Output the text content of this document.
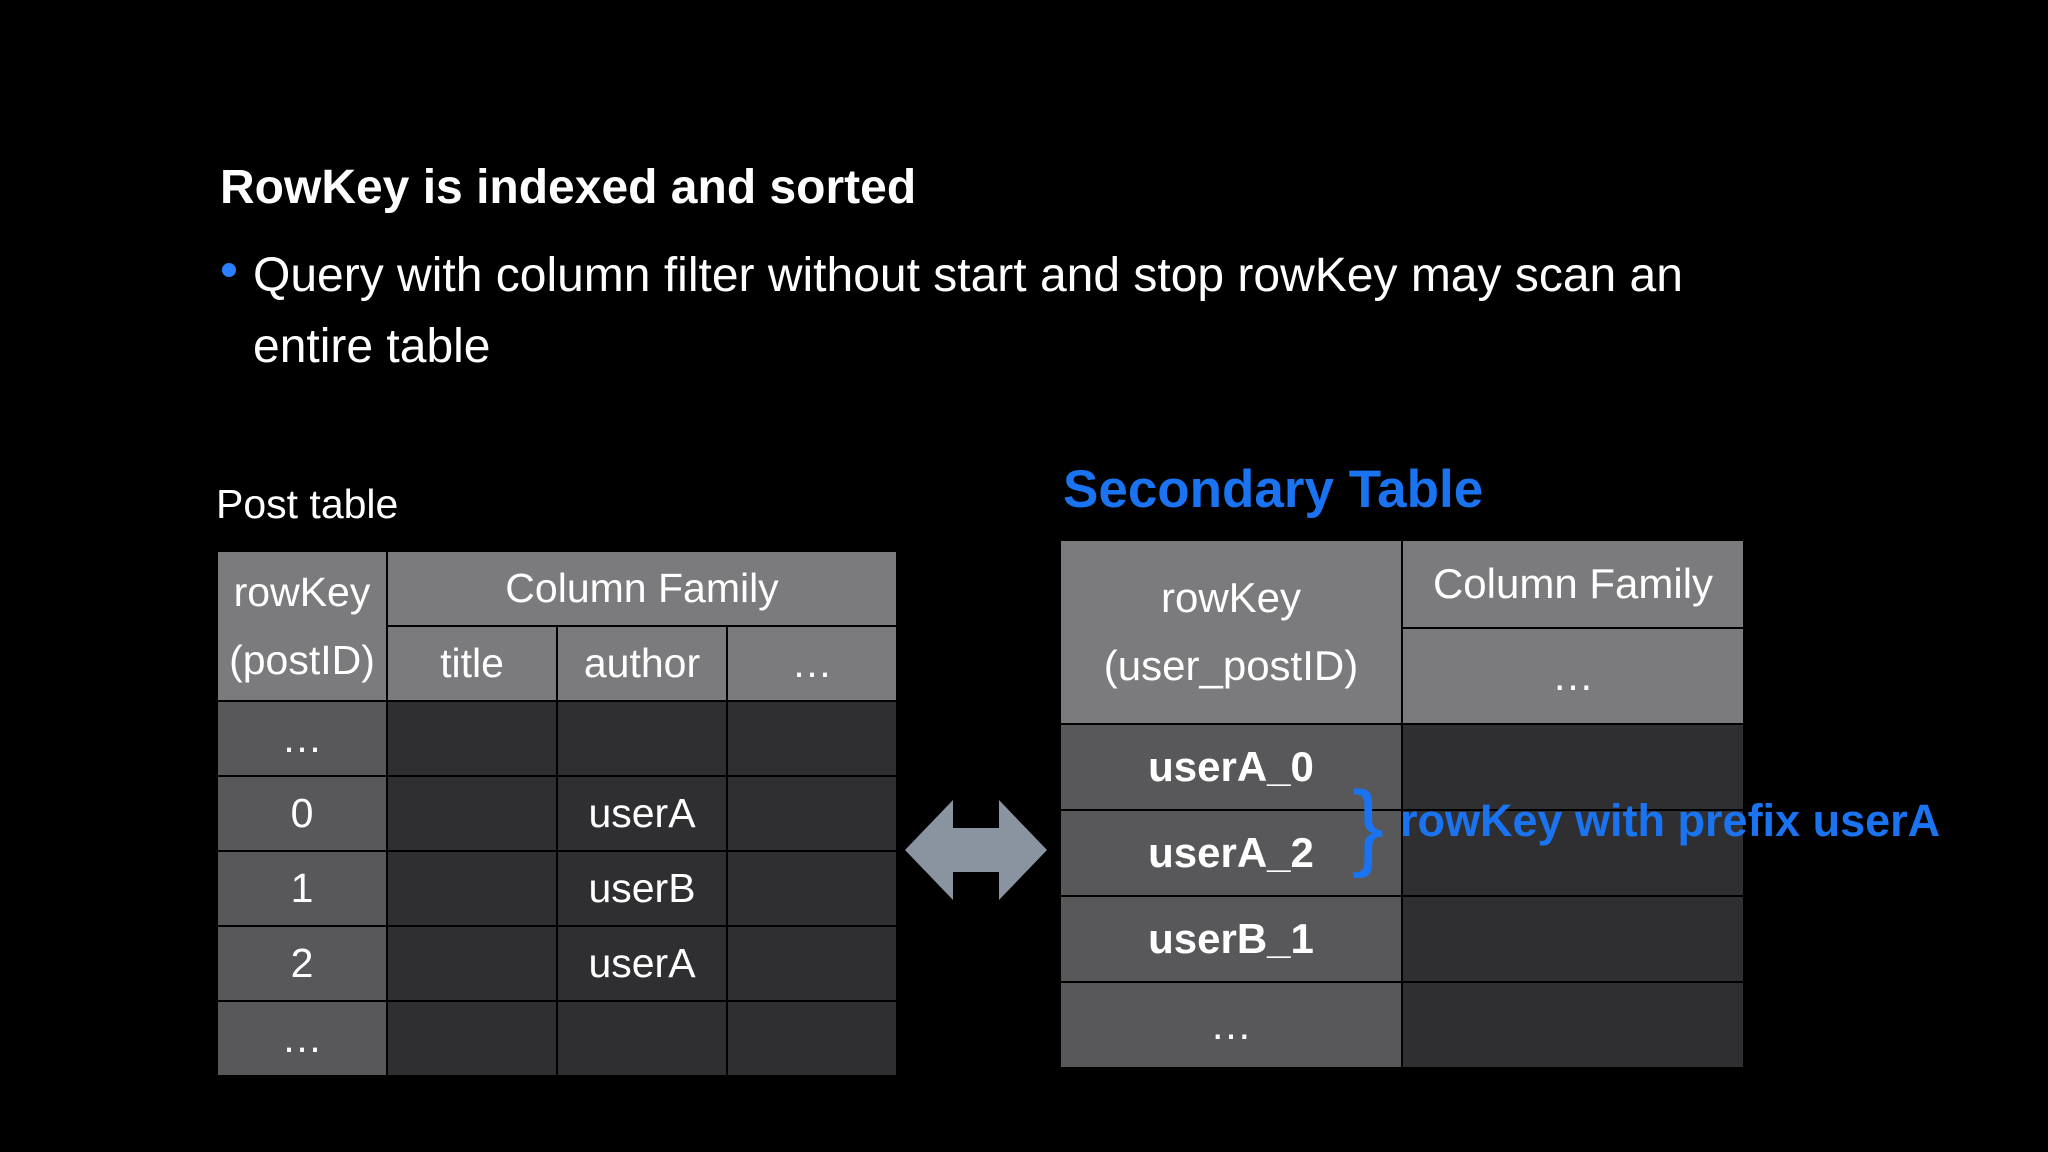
RowKey is indexed and sorted
Query with column filter without start and stop rowKey may scan an entire table
Post table
rowKey
(postID)	Column Family		
	title	author	…
…			
0		userA	
1		userB	
2		userA	
…			
Secondary Table
rowKey
(user_postID)	Column Family
	…
userA_0	
userA_2	
userB_1	
…	
} rowKey with prefix userA
